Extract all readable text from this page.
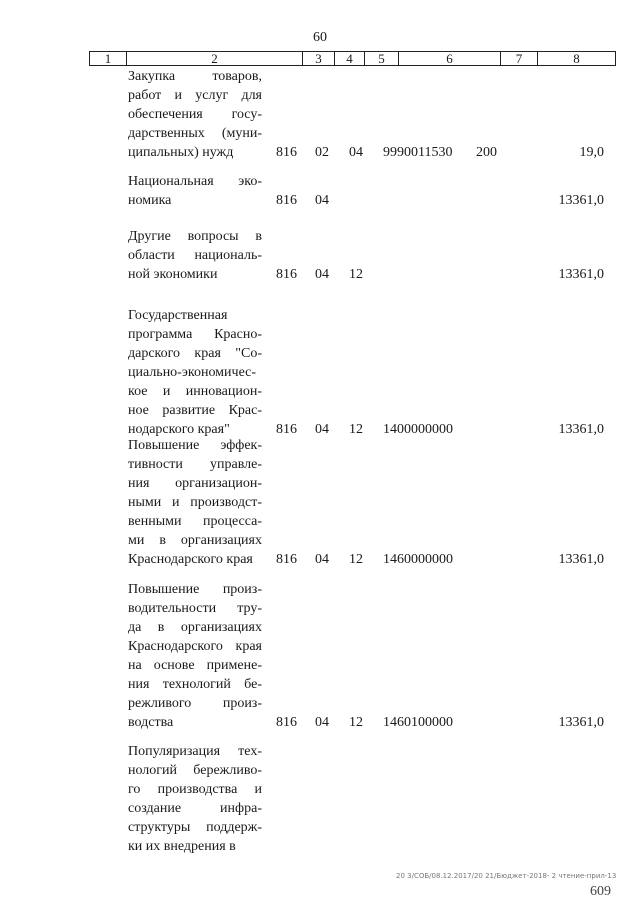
60
1	2	3	4	5	6	7	8
Закупка товаров,
работ и услуг для
обеспечения госу-
дарственных (муни-
ципальных) нужд	816 02 04 9990011530 200	19,0
Национальная эко-
номика	816 04	13361,0
Другие вопросы в
области националь-
ной экономики	816 04 12	13361,0
Государственная
программа Красно-
дарского края "Со-
циально-экономичес-
кое и инновацион-
ное развитие Крас-
нодарского края"	816 04 12 1400000000	13361,0
Повышение эффек-
тивности управле-
ния организацион-
ными и производст-
венными процесса-
ми в организациях
Краснодарского края	816 04 12 1460000000	13361,0
Повышение произ-
водительности тру-
да в организациях
Краснодарского края
на основе примене-
ния технологий бе-
режливого произ-
водства	816 04 12 1460100000	13361,0
Популяризация тех-
нологий бережливо-
го производства и
создание инфра-
структуры поддерж-
ки их внедрения в
20 3/СОБ/08.12.2017/20 21/Бюджет-2018- 2 чтение-прил-13
609
